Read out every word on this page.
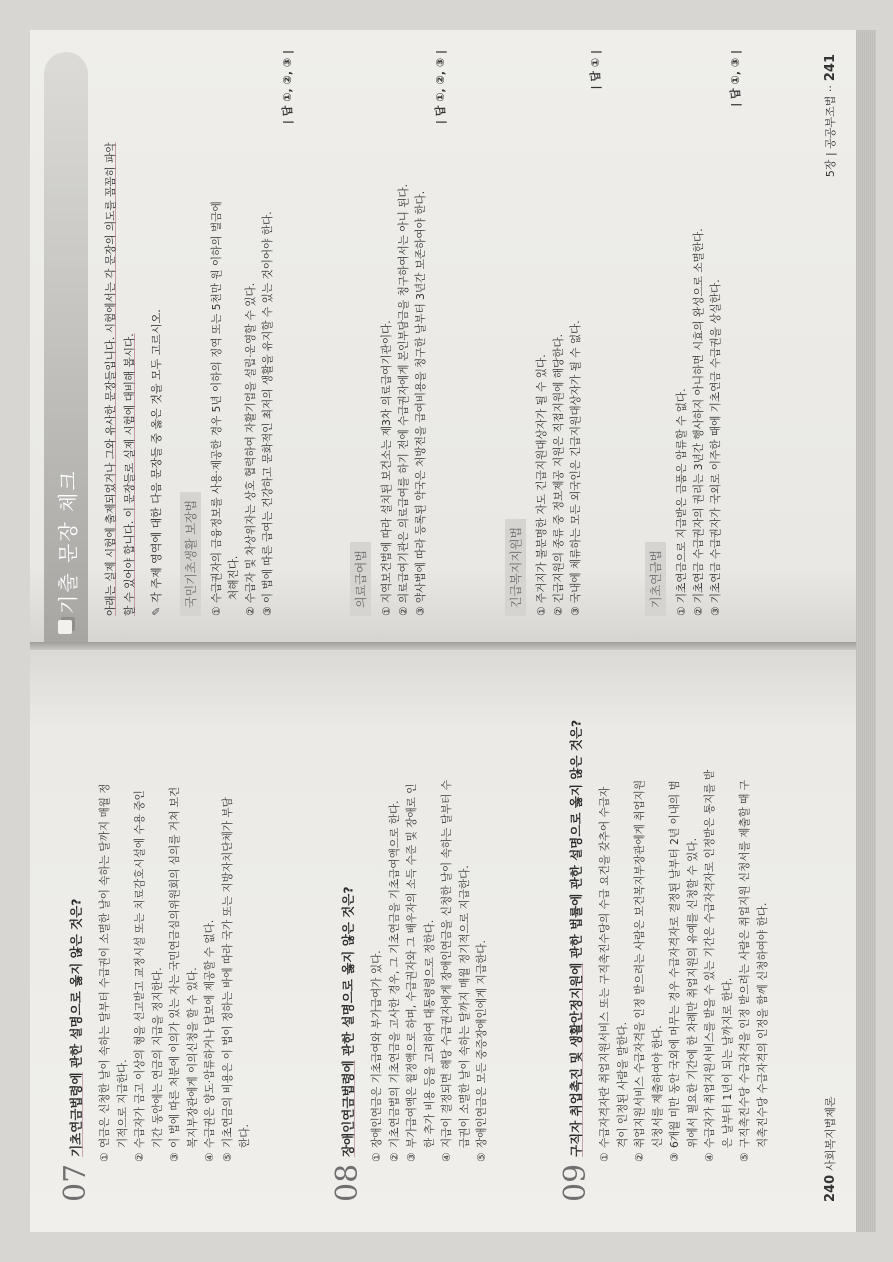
07 기초연금법령에 관한 설명으로 옳지 않은 것은?
①연금은 신청한 날이 속하는 달부터 수급권이 소멸한 날이 속하는 달까지 매월 정 기적으로 지급한다.
②수급자가 금고 이상의 형을 선고받고 교정시설 또는 치료감호시설에 수용 중인 기간 동안에는 연금의 지급을 정지한다.
③이 법에 따른 처분에 이의가 있는 자는 국민연금심의위원회의 심의를 거쳐 보건 복지부장관에게 이의신청을 할 수 있다.
④수급권은 양도·압류하거나 담보에 제공할 수 없다.
⑤기초연금의 비용은 이 법이 정하는 바에 따라 국가 또는 지방자치단체가 부담 한다.
08 장애인연금법령에 관한 설명으로 옳지 않은 것은?
①장애인연금은 기초급여와 부가급여가 있다.
②기초연금법의 기초연금을 고사한 경우, 그 기초연금을 기초급여액으로 한다.
③부가급여액은 월정액으로 하며, 수급권자와 그 배우자의 소득 수준 및 장애로 인 한 추가 비용 등을 고려하여 대통령령으로 정한다.
④지급이 결정되면 해당 수급권자에게 장애인연금을 신청한 날이 속하는 달부터 수 급권이 소멸한 날이 속하는 달까지 매월 정기적으로 지급한다.
⑤장애인연금은 모든 중증장애인에게 지급한다.
09 구직자 취업촉진 및 생활안정지원에 관한 법률에 관한 설명으로 옳지 않은 것은?
①수급자격자란 취업지원서비스 또는 구직촉진수당의 수급 요건을 갖추어 수급자 격이 인정된 사람을 말한다.
②취업지원서비스 수급자격을 인정 받으려는 사람은 보건복지부장관에게 취업지원 신청서를 제출하여야 한다.
③6개월 미만 동안 국외에 머무는 경우 수급자격자로 결정된 날부터 2년 이내의 범 위에서 필요한 기간에 한 차례만 취업지원의 유예를 신청할 수 있다.
④수급자가 취업지원서비스를 받을 수 있는 기간은 수급자격자로 인정받은 통지를 받 은 날부터 1년이 되는 날까지로 한다.
⑤구직촉진수당 수급자격을 인정 받으려는 사람은 취업지원 신청서를 제출할 때 구 직촉진수당 수급자격의 인정을 함께 신청하여야 한다.
240사회복지법제론
기출 문장 체크 아래는 실제 시험에 출제되었거나 그와 유사한 문장들입니다. 시험에서는 각 문장의 의도를 꼼꼼히 파악 할 수 있어야 합니다. 이 문장들로 실제 시험에 대비해 봅시다.	✎각 주제 영역에 대한 다음 문장들 중 옳은 것을 모두 고르시오.	국민기초생활 보장법
① 수급권자의 금융정보를 사용·제공한 경우 5년 이하의 징역 또는 5천만 원 이하의 벌금에 처해진다.
② 수급자 및 차상위자는 상호 협력하여 자활기업을 설립·운영할 수 있다.
③ 이 법에 따른 급여는 건강하고 문화적인 최저의 생활을 유지할 수 있는 것이어야 한다.
| 답 ①, ②, ③ |
의료급여법
① 지역보건법에 따라 설치된 보건소는 제3차 의료급여기관이다.
② 의료급여기관은 의료급여를 하기 전에 수급권자에게 본인부담금을 청구하여서는 아니 된다.
③ 약사법에 따라 등록된 약국은 처방전을 급여비용을 청구한 날부터 3년간 보존하여야 한다.
| 답 ①, ②, ③ |
긴급복지지원법
① 주거지가 불분명한 자도 긴급지원대상자가 될 수 있다.
② 긴급지원의 종류 중 정보제공 지원은 직접지원에 해당한다.
③ 국내에 체류하는 모든 외국인은 긴급지원대상자가 될 수 없다.
| 답 ① |
기초연금법
① 기초연금으로 지급받은 금품은 압류할 수 없다.
② 기초연금 수급권자의 권리는 3년간 행사하지 아니하면 시효의 완성으로 소멸한다.
③ 기초연금 수급권자가 국외로 이주한 때에 기초연금 수급권을 상실한다.
| 답 ①, ③ |
5장 | 공공부조법 ··241
